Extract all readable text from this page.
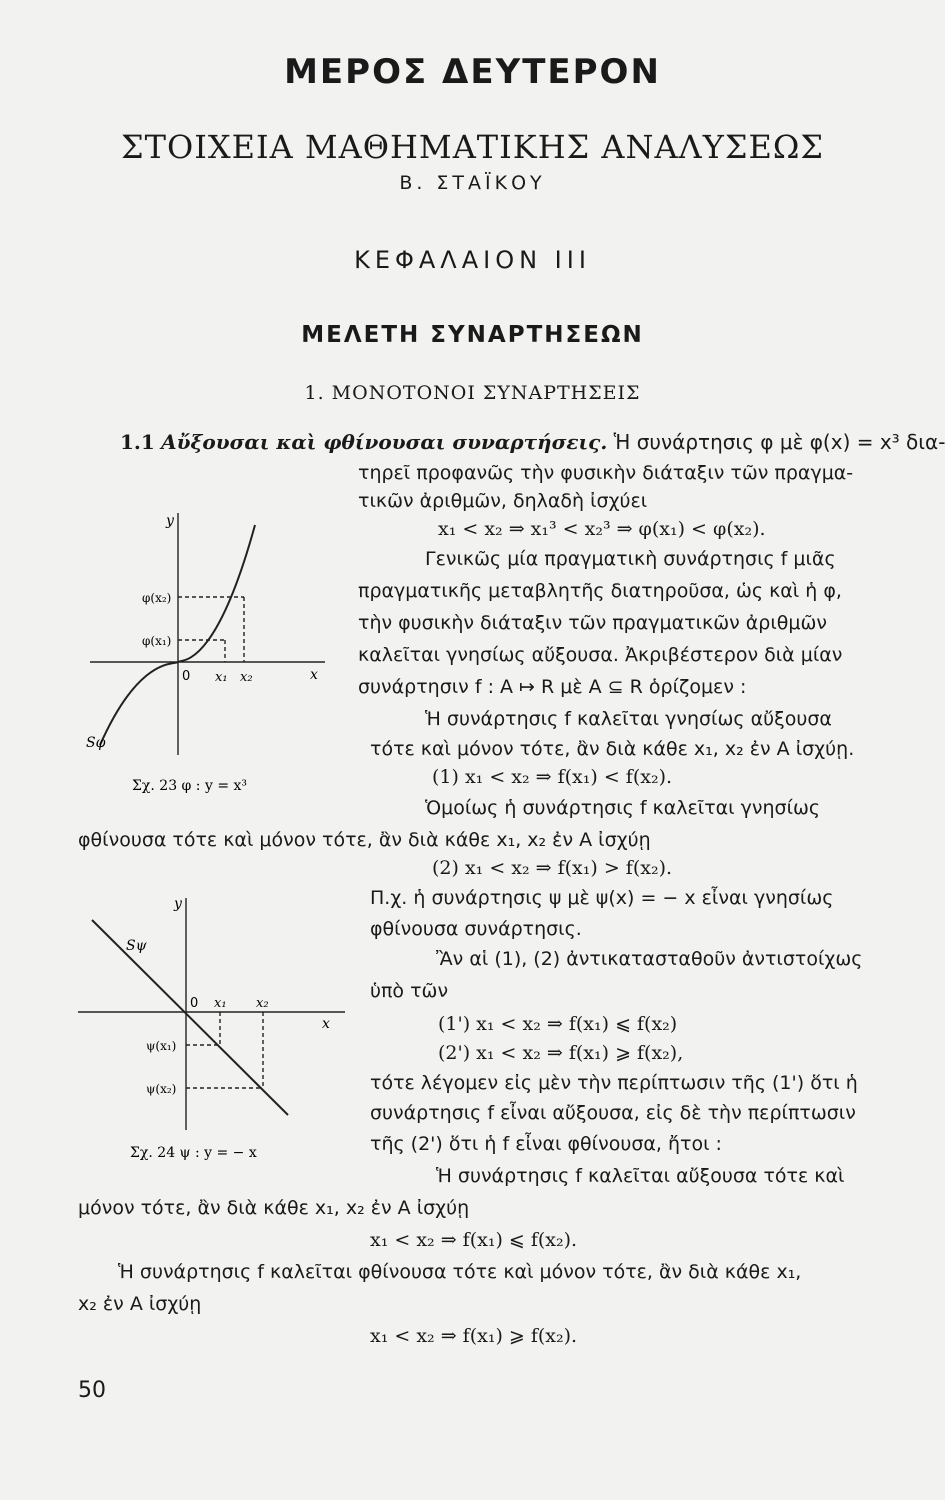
ΜΕΡΟΣ ΔΕΥΤΕΡΟΝ
ΣΤΟΙΧΕΙΑ ΜΑΘΗΜΑΤΙΚΗΣ ΑΝΑΛΥΣΕΩΣ
Β. ΣΤΑΪΚΟΥ
ΚΕΦΑΛΑΙΟΝ III
ΜΕΛΕΤΗ ΣΥΝΑΡΤΗΣΕΩΝ
1. ΜΟΝΟΤΟΝΟΙ ΣΥΝΑΡΤΗΣΕΙΣ
1.1 Αὔξουσαι καὶ φθίνουσαι συναρτήσεις. Ἡ συνάρτησις φ μὲ φ(x) = x³ δια-
τηρεῖ προφανῶς τὴν φυσικὴν διάταξιν τῶν πραγμα-
τικῶν ἀριθμῶν, δηλαδὴ ἰσχύει
x₁ < x₂ ⇒ x₁³ < x₂³ ⇒ φ(x₁) < φ(x₂).
Γενικῶς μία πραγματικὴ συνάρτησις f μιᾶς
πραγματικῆς μεταβλητῆς διατηροῦσα, ὡς καὶ ἡ φ,
τὴν φυσικὴν διάταξιν τῶν πραγματικῶν ἀριθμῶν
καλεῖται γνησίως αὔξουσα. Ἀκριβέστερον διὰ μίαν
συνάρτησιν f : A ↦ R μὲ A ⊆ R ὁρίζομεν :
Ἡ συνάρτησις f καλεῖται γνησίως αὔξουσα
τότε καὶ μόνον τότε, ἂν διὰ κάθε x₁, x₂ ἐν A ἰσχύῃ.
(1) x₁ < x₂ ⇒ f(x₁) < f(x₂).
Ὁμοίως ἡ συνάρτησις f καλεῖται γνησίως
φθίνουσα τότε καὶ μόνον τότε, ἂν διὰ κάθε x₁, x₂ ἐν A ἰσχύῃ
(2) x₁ < x₂ ⇒ f(x₁) > f(x₂).
Π.χ. ἡ συνάρτησις ψ μὲ ψ(x) = − x εἶναι γνησίως
φθίνουσα συνάρτησις.
Ἂν αἱ (1), (2) ἀντικατασταθοῦν ἀντιστοίχως
ὑπὸ τῶν
(1') x₁ < x₂ ⇒ f(x₁) ⩽ f(x₂)
(2') x₁ < x₂ ⇒ f(x₁) ⩾ f(x₂),
τότε λέγομεν εἰς μὲν τὴν περίπτωσιν τῆς (1') ὅτι ἡ
συνάρτησις f εἶναι αὔξουσα, εἰς δὲ τὴν περίπτωσιν
τῆς (2') ὅτι ἡ f εἶναι φθίνουσα, ἤτοι :
Ἡ συνάρτησις f καλεῖται αὔξουσα τότε καὶ
μόνον τότε, ἂν διὰ κάθε x₁, x₂ ἐν A ἰσχύῃ
x₁ < x₂ ⇒ f(x₁) ⩽ f(x₂).
Ἡ συνάρτησις f καλεῖται φθίνουσα τότε καὶ μόνον τότε, ἂν διὰ κάθε x₁,
x₂ ἐν A ἰσχύῃ
x₁ < x₂ ⇒ f(x₁) ⩾ f(x₂).
y
x
0 x₁ x₂
φ(x₂)
φ(x₁)
Sφ
Σχ. 23 φ : y = x³
y
x
0 x₁ x₂
ψ(x₁)
ψ(x₂)
Sψ
Σχ. 24 ψ : y = − x
50
